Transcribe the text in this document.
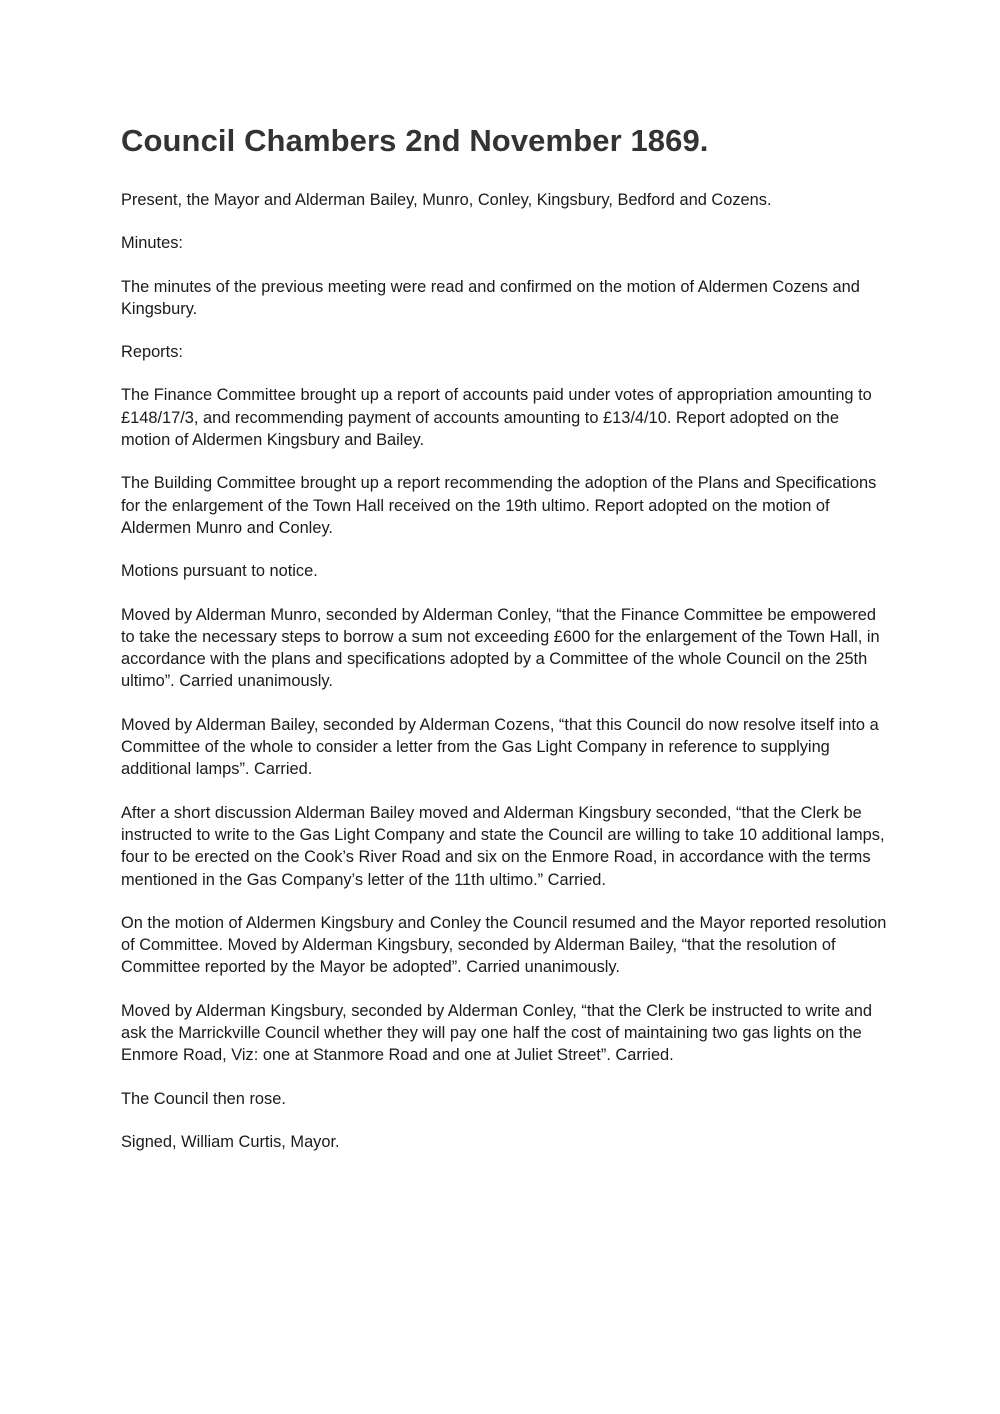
Council Chambers 2nd November 1869.

Present, the Mayor and Alderman Bailey, Munro, Conley, Kingsbury, Bedford and Cozens.

Minutes:

The minutes of the previous meeting were read and confirmed on the motion of Aldermen Cozens and Kingsbury.

Reports:

The Finance Committee brought up a report of accounts paid under votes of appropriation amounting to £148/17/3, and recommending payment of accounts amounting to £13/4/10. Report adopted on the motion of Aldermen Kingsbury and Bailey.

The Building Committee brought up a report recommending the adoption of the Plans and Specifications for the enlargement of the Town Hall received on the 19th ultimo. Report adopted on the motion of Aldermen Munro and Conley.

Motions pursuant to notice.

Moved by Alderman Munro, seconded by Alderman Conley, “that the Finance Committee be empowered to take the necessary steps to borrow a sum not exceeding £600 for the enlargement of the Town Hall, in accordance with the plans and specifications adopted by a Committee of the whole Council on the 25th ultimo”. Carried unanimously.

Moved by Alderman Bailey, seconded by Alderman Cozens, “that this Council do now resolve itself into a Committee of the whole to consider a letter from the Gas Light Company in reference to supplying additional lamps”. Carried.

After a short discussion Alderman Bailey moved and Alderman Kingsbury seconded, “that the Clerk be instructed to write to the Gas Light Company and state the Council are willing to take 10 additional lamps, four to be erected on the Cook’s River Road and six on the Enmore Road, in accordance with the terms mentioned in the Gas Company’s letter of the 11th ultimo.” Carried.

On the motion of Aldermen Kingsbury and Conley the Council resumed and the Mayor reported resolution of Committee. Moved by Alderman Kingsbury, seconded by Alderman Bailey, “that the resolution of Committee reported by the Mayor be adopted”. Carried unanimously.

Moved by Alderman Kingsbury, seconded by Alderman Conley, “that the Clerk be instructed to write and ask the Marrickville Council whether they will pay one half the cost of maintaining two gas lights on the Enmore Road, Viz: one at Stanmore Road and one at Juliet Street”. Carried.

The Council then rose.

Signed, William Curtis, Mayor.
